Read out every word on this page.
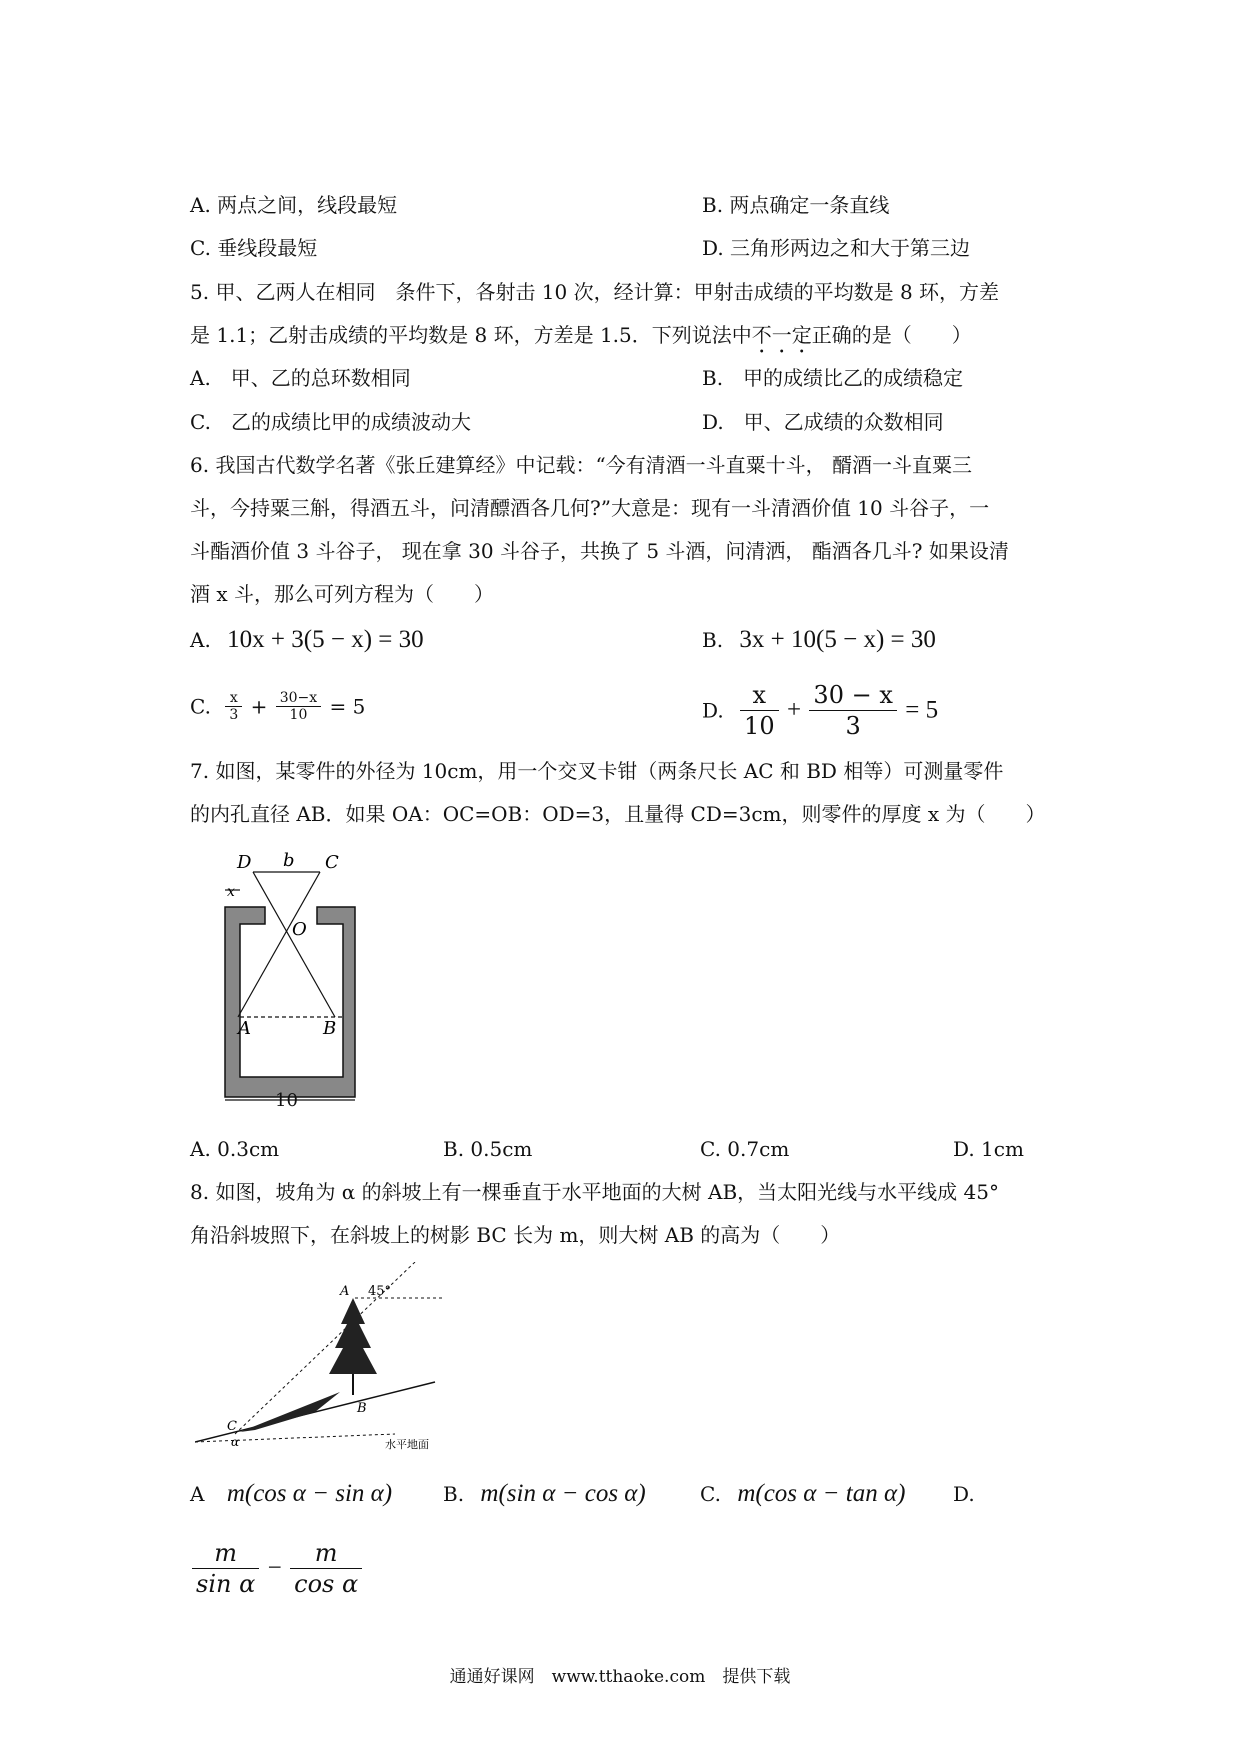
A. 两点之间，线段最短	B. 两点确定一条直线
C. 垂线段最短	D. 三角形两边之和大于第三边
5. 甲、乙两人在相同　条件下，各射击 10 次，经计算：甲射击成绩的平均数是 8 环，方差
是 1.1；乙射击成绩的平均数是 8 环，方差是 1.5．下列说法中不一定正确的是（　　）
A.　甲、乙的总环数相同	B.　甲的成绩比乙的成绩稳定
C.　乙的成绩比甲的成绩波动大	D.　甲、乙成绩的众数相同
6. 我国古代数学名著《张丘建算经》中记载：“今有清酒一斗直粟十斗， 醑酒一斗直粟三
斗，今持粟三斛，得酒五斗，问清醥酒各几何?”大意是：现有一斗清酒价值 10 斗谷子，一
斗酯酒价值 3 斗谷子， 现在拿 30 斗谷子，共换了 5 斗酒，问清洒， 酯酒各几斗? 如果设清
酒 x 斗，那么可列方程为（　　）
A. 10x + 3(5 − x) = 30	B. 3x + 10(5 − x) = 30
C. $\frac{x}{3} + \frac{30-x}{10} = 5$	D. $\frac{x}{10} + \frac{30 - x}{3} = 5$
7. 如图，某零件的外径为 10cm，用一个交叉卡钳（两条尺长 AC 和 BD 相等）可测量零件
的内孔直径 AB．如果 OA：OC=OB：OD=3，且量得 CD=3cm，则零件的厚度 x 为（　　）
D b C
x
O
A	B
10
A. 0.3cm	B. 0.5cm	C. 0.7cm	D. 1cm
8. 如图，坡角为 α 的斜坡上有一棵垂直于水平地面的大树 AB，当太阳光线与水平线成 45°
角沿斜坡照下，在斜坡上的树影 BC 长为 m，则大树 AB 的高为（　　）
A 45°
B
C
α	水平地面
A m(cos α − sin α)	B. m(sin α − cos α)	C. m(cos α − tan α) D.
$\frac{m}{\text{sin α}} - \frac{m}{\text{cos α}}$
通通好课网　www.tthaoke.com　提供下载
